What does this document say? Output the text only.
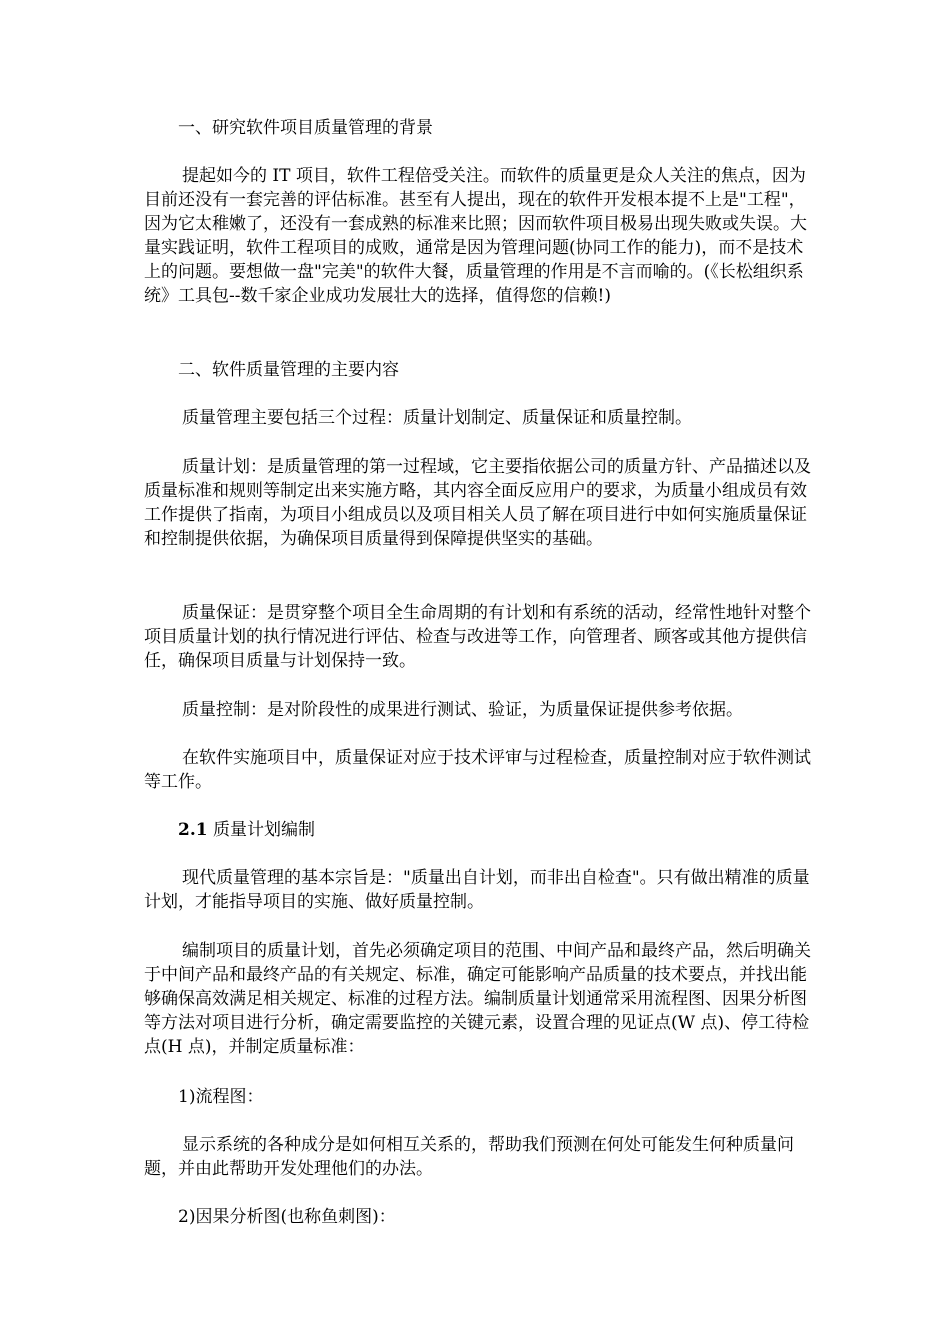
一、研究软件项目质量管理的背景

提起如今的 IT 项目，软件工程倍受关注。而软件的质量更是众人关注的焦点，因为目前还没有一套完善的评估标准。甚至有人提出，现在的软件开发根本提不上是"工程"，因为它太稚嫩了，还没有一套成熟的标准来比照；因而软件项目极易出现失败或失误。大量实践证明，软件工程项目的成败，通常是因为管理问题(协同工作的能力)，而不是技术上的问题。要想做一盘"完美"的软件大餐，质量管理的作用是不言而喻的。(《长松组织系统》工具包--数千家企业成功发展壮大的选择，值得您的信赖!)

二、软件质量管理的主要内容

质量管理主要包括三个过程：质量计划制定、质量保证和质量控制。

质量计划：是质量管理的第一过程域，它主要指依据公司的质量方针、产品描述以及质量标准和规则等制定出来实施方略，其内容全面反应用户的要求，为质量小组成员有效工作提供了指南，为项目小组成员以及项目相关人员了解在项目进行中如何实施质量保证和控制提供依据，为确保项目质量得到保障提供坚实的基础。

质量保证：是贯穿整个项目全生命周期的有计划和有系统的活动，经常性地针对整个项目质量计划的执行情况进行评估、检查与改进等工作，向管理者、顾客或其他方提供信任，确保项目质量与计划保持一致。

质量控制：是对阶段性的成果进行测试、验证，为质量保证提供参考依据。

在软件实施项目中，质量保证对应于技术评审与过程检查，质量控制对应于软件测试等工作。

2.1 质量计划编制

现代质量管理的基本宗旨是："质量出自计划，而非出自检查"。只有做出精准的质量计划，才能指导项目的实施、做好质量控制。

编制项目的质量计划，首先必须确定项目的范围、中间产品和最终产品，然后明确关于中间产品和最终产品的有关规定、标准，确定可能影响产品质量的技术要点，并找出能够确保高效满足相关规定、标准的过程方法。编制质量计划通常采用流程图、因果分析图等方法对项目进行分析，确定需要监控的关键元素，设置合理的见证点(W 点)、停工待检点(H 点)，并制定质量标准：

1)流程图：

显示系统的各种成分是如何相互关系的，帮助我们预测在何处可能发生何种质量问题，并由此帮助开发处理他们的办法。

2)因果分析图(也称鱼刺图)：
